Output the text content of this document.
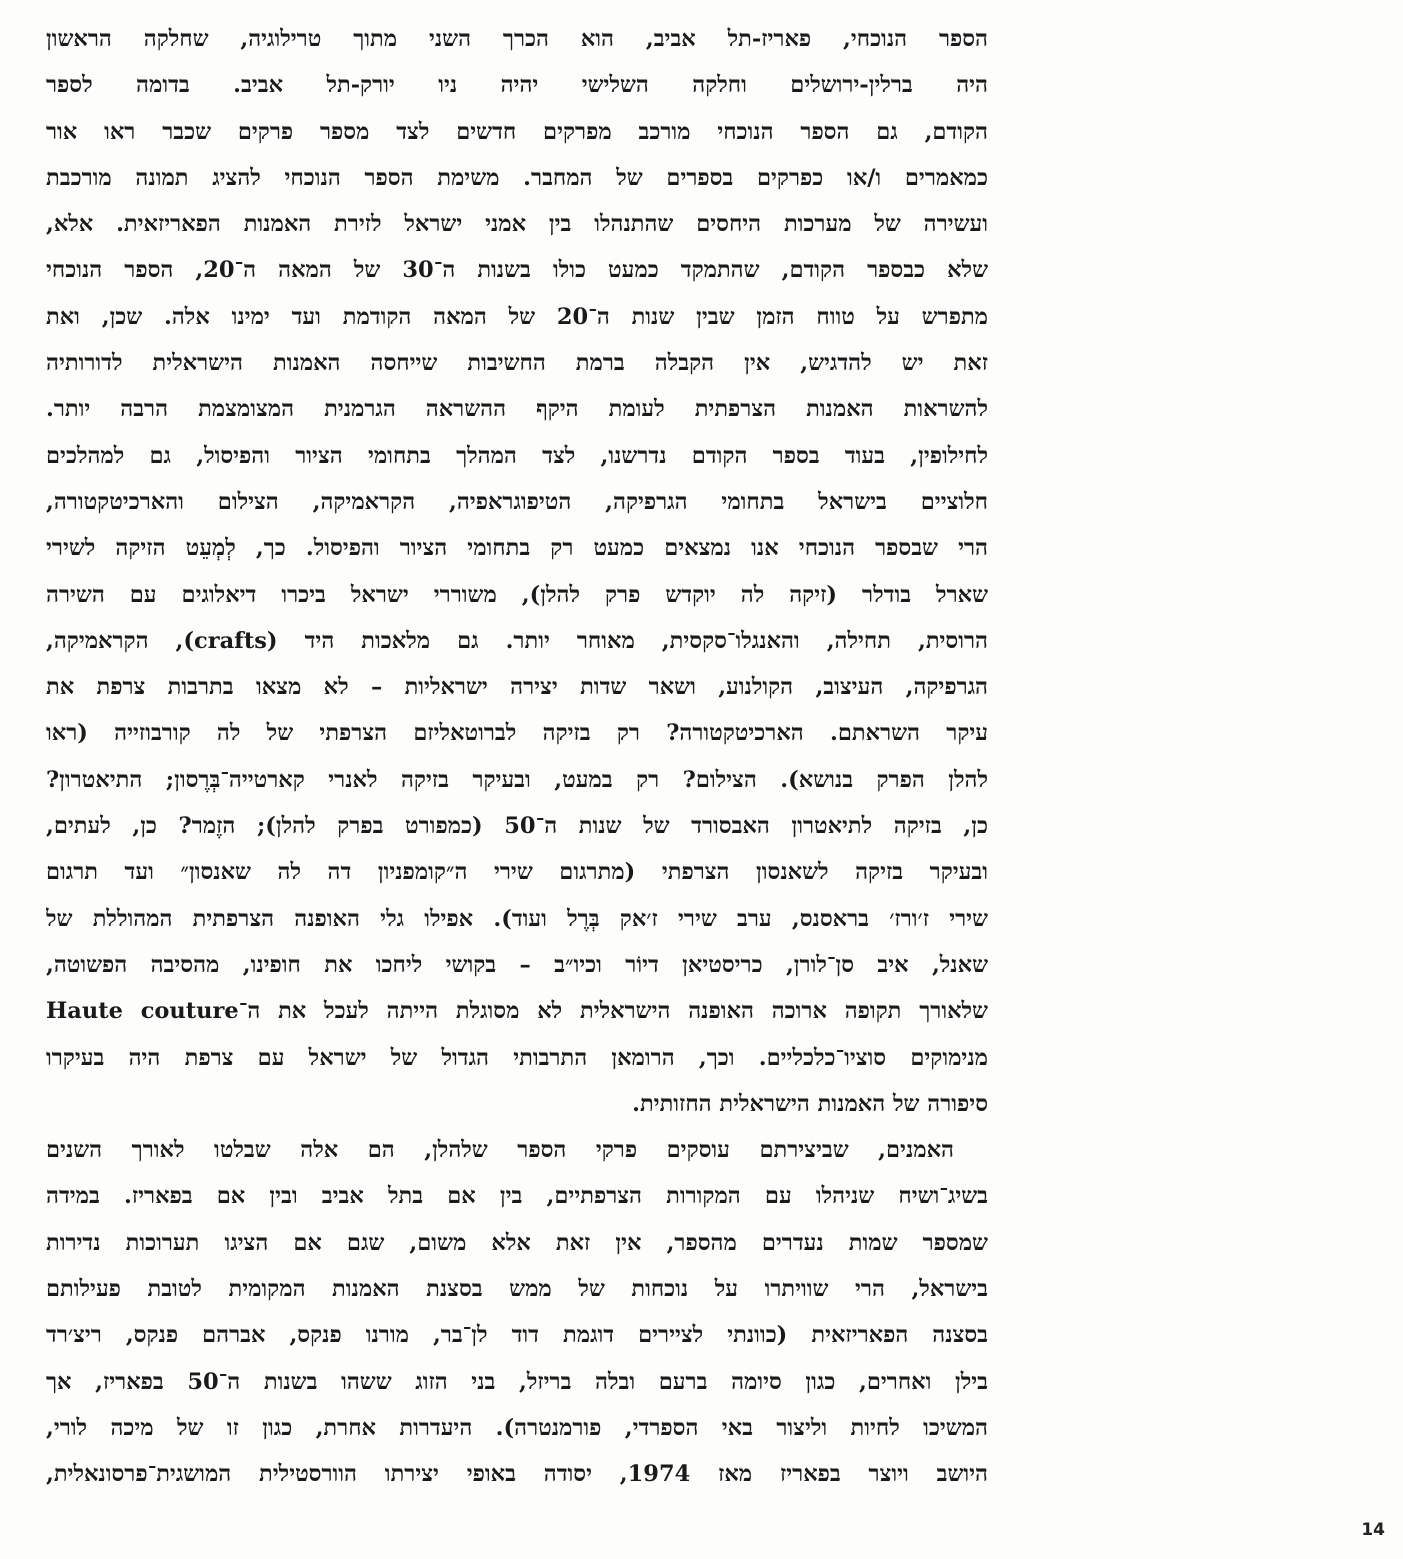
הספר הנוכחי, פאריז-תל אביב, הוא הכרך השני מתוך טרילוגיה, שחלקה הראשון
היה ברלין-ירושלים וחלקה השלישי יהיה ניו יורק-תל אביב. בדומה לספר
הקודם, גם הספר הנוכחי מורכב מפרקים חדשים לצד מספר פרקים שכבר ראו אור
כמאמרים ו/או כפרקים בספרים של המחבר. משימת הספר הנוכחי להציג תמונה מורכבת
ועשירה של מערכות היחסים שהתנהלו בין אמני ישראל לזירת האמנות הפאריזאית. אלא,
שלא כבספר הקודם, שהתמקד כמעט כולו בשנות ה־30 של המאה ה־20, הספר הנוכחי
מתפרש על טווח הזמן שבין שנות ה־20 של המאה הקודמת ועד ימינו אלה. שכן, ואת
זאת יש להדגיש, אין הקבלה ברמת החשיבות שייחסה האמנות הישראלית לדורותיה
להשראות האמנות הצרפתית לעומת היקף ההשראה הגרמנית המצומצמת הרבה יותר.
לחילופין, בעוד בספר הקודם נדרשנו, לצד המהלך בתחומי הציור והפיסול, גם למהלכים
חלוציים בישראל בתחומי הגרפיקה, הטיפוגראפיה, הקראמיקה, הצילום והארכיטקטורה,
הרי שבספר הנוכחי אנו נמצאים כמעט רק בתחומי הציור והפיסול. כך, לְמְעֵט הזיקה לשירי
שארל בודלר (זיקה לה יוקדש פרק להלן), משוררי ישראל ביכרו דיאלוגים עם השירה
הרוסית, תחילה, והאנגלו־סקסית, מאוחר יותר. גם מלאכות היד (crafts), הקראמיקה,
הגרפיקה, העיצוב, הקולנוע, ושאר שדות יצירה ישראליות – לא מצאו בתרבות צרפת את
עיקר השראתם. הארכיטקטורה? רק בזיקה לברוטאליזם הצרפתי של לה קורבוזייה (ראו
להלן הפרק בנושא). הצילום? רק במעט, ובעיקר בזיקה לאנרי קארטייה־בְּרֶסון; התיאטרון?
כן, בזיקה לתיאטרון האבסורד של שנות ה־50 (כמפורט בפרק להלן); הזֶמר? כן, לעתים,
ובעיקר בזיקה לשאנסון הצרפתי (מתרגום שירי ה״קומפניון דה לה שאנסון״ ועד תרגום
שירי ז׳ורז׳ בראסנס, ערב שירי ז׳אק בְּרֶל ועוד). אפילו גלי האופנה הצרפתית המהוללת של
שאנל, איב סן־לורן, כריסטיאן דיוֹר וכיו״ב – בקושי ליחכו את חופינו, מהסיבה הפשוטה,
שלאורך תקופה ארוכה האופנה הישראלית לא מסוגלת הייתה לעכל את ה־Haute couture
מנימוקים סוציו־כלכליים. וכך, הרומאן התרבותי הגדול של ישראל עם צרפת היה בעיקרו
סיפורה של האמנות הישראלית החזותית.
האמנים, שביצירתם עוסקים פרקי הספר שלהלן, הם אלה שבלטו לאורך השנים
בשיג־ושיח שניהלו עם המקורות הצרפתיים, בין אם בתל אביב ובין אם בפאריז. במידה
שמספר שמות נעדרים מהספר, אין זאת אלא משום, שגם אם הציגו תערוכות נדירות
בישראל, הרי שוויתרו על נוכחות של ממש בסצנת האמנות המקומית לטובת פעילותם
בסצנה הפאריזאית (כוונתי לציירים דוגמת דוד לן־בר, מורנו פנקס, אברהם פנקס, ריצ׳רד
בילן ואחרים, כגון סיומה ברעם ובלה בריזל, בני הזוג ששהו בשנות ה־50 בפאריז, אך
המשיכו לחיות וליצור באי הספרדי, פורמנטרה). היעדרות אחרת, כגון זו של מיכה לורי,
היושב ויוצר בפאריז מאז 1974, יסודה באופי יצירתו הוורסטילית המושגית־פרסונאלית,
14
